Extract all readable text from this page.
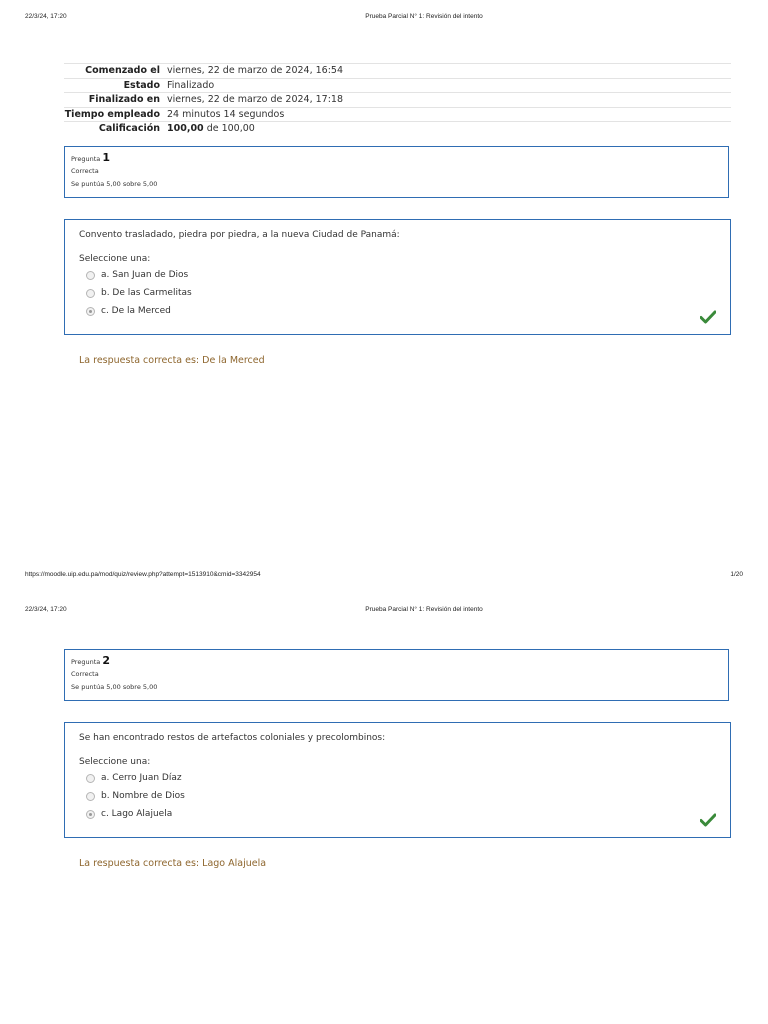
22/3/24, 17:20	Prueba Parcial N° 1: Revisión del intento
Comenzado el	viernes, 22 de marzo de 2024, 16:54
Estado	Finalizado
Finalizado en	viernes, 22 de marzo de 2024, 17:18
Tiempo empleado	24 minutos 14 segundos
Calificación	100,00 de 100,00
Pregunta 1
Correcta
Se puntúa 5,00 sobre 5,00
Convento trasladado, piedra por piedra, a la nueva Ciudad de Panamá:
Seleccione una:
a. San Juan de Dios
b. De las Carmelitas
c. De la Merced
La respuesta correcta es: De la Merced
https://moodle.uip.edu.pa/mod/quiz/review.php?attempt=1513910&cmid=3342954	1/20
22/3/24, 17:20	Prueba Parcial N° 1: Revisión del intento
Pregunta 2
Correcta
Se puntúa 5,00 sobre 5,00
Se han encontrado restos de artefactos coloniales y precolombinos:
Seleccione una:
a. Cerro Juan Díaz
b. Nombre de Dios
c. Lago Alajuela
La respuesta correcta es: Lago Alajuela
